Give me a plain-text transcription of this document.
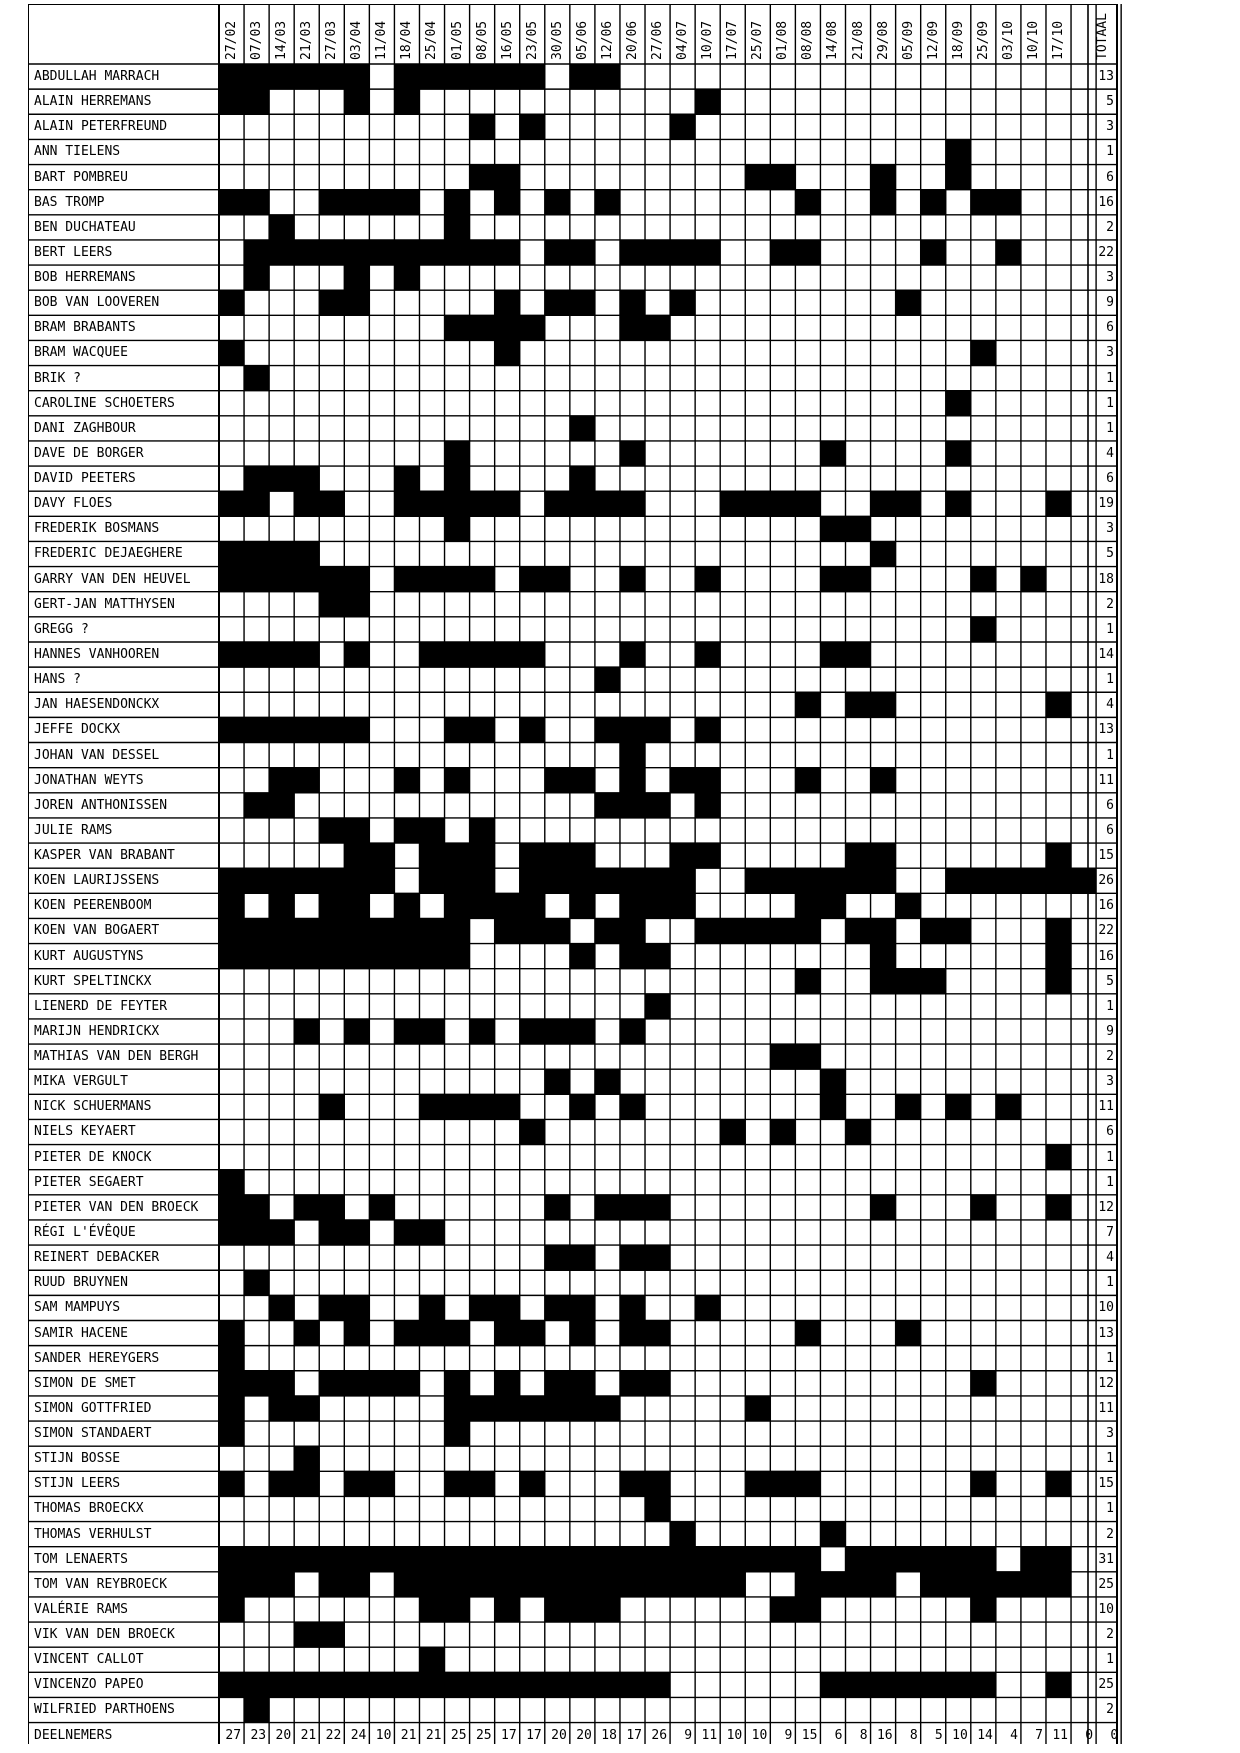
27/02 07/03 14/03 21/03 27/03 03/04 11/04 18/04 25/04 01/05 08/05 16/05 23/05 30/05 05/06 12/06 20/06 27/06 04/07 10/07 17/07 25/07 01/08 08/08 14/08 21/08 29/08 05/09 12/09 18/09 25/09 03/10 10/10 17/10 TOTAAL
ABDULLAH MARRACH	13
ALAIN HERREMANS	5
ALAIN PETERFREUND	3
ANN TIELENS	1
BART POMBREU	6
BAS TROMP	16
BEN DUCHATEAU	2
BERT LEERS	22
BOB HERREMANS	3
BOB VAN LOOVEREN	9
BRAM BRABANTS	6
BRAM WACQUEE	3
BRIK ?	1
CAROLINE SCHOETERS	1
DANI ZAGHBOUR	1
DAVE DE BORGER	4
DAVID PEETERS	6
DAVY FLOES	19
FREDERIK BOSMANS	3
FREDERIC DEJAEGHERE	5
GARRY VAN DEN HEUVEL	18
GERT-JAN MATTHYSEN	2
GREGG ?	1
HANNES VANHOOREN	14
HANS ?	1
JAN HAESENDONCKX	4
JEFFE DOCKX	13
JOHAN VAN DESSEL	1
JONATHAN WEYTS	11
JOREN ANTHONISSEN	6
JULIE RAMS	6
KASPER VAN BRABANT	15
KOEN LAURIJSSENS	26
KOEN PEERENBOOM	16
KOEN VAN BOGAERT	22
KURT AUGUSTYNS	16
KURT SPELTINCKX	5
LIENERD DE FEYTER	1
MARIJN HENDRICKX	9
MATHIAS VAN DEN BERGH	2
MIKA VERGULT	3
NICK SCHUERMANS	11
NIELS KEYAERT	6
PIETER DE KNOCK	1
PIETER SEGAERT	1
PIETER VAN DEN BROECK	12
RÉGI L'ÉVÊQUE	7
REINERT DEBACKER	4
RUUD BRUYNEN	1
SAM MAMPUYS	10
SAMIR HACENE	13
SANDER HEREYGERS	1
SIMON DE SMET	12
SIMON GOTTFRIED	11
SIMON STANDAERT	3
STIJN BOSSE	1
STIJN LEERS	15
THOMAS BROECKX	1
THOMAS VERHULST	2
TOM LENAERTS	31
TOM VAN REYBROECK	25
VALÉRIE RAMS	10
VIK VAN DEN BROECK	2
VINCENT CALLOT	1
VINCENZO PAPEO	25
WILFRIED PARTHOENS	2
DEELNEMERS	27 23 20 21 22 24 10 21 21 25 25 17 17 20 20 18 17 26	9 11 10 10	9 15	6	8 16	8	5 10 14	4	7 11	0	0
